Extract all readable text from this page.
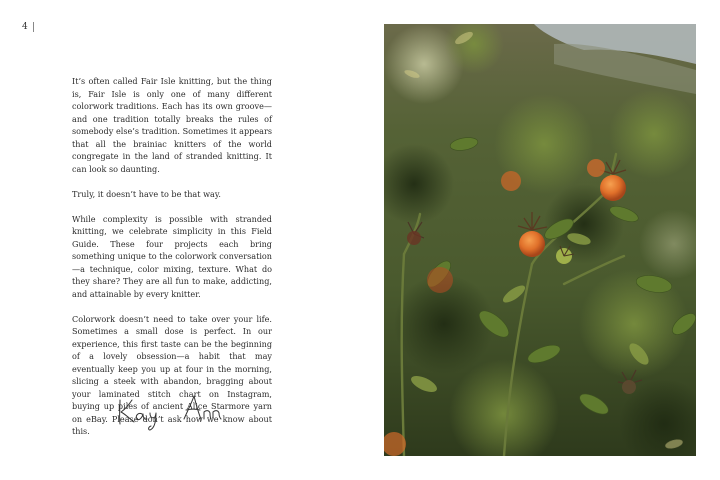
4

It’s often called Fair Isle knitting, but the thing is, Fair Isle is only one of many different colorwork traditions. Each has its own groove—and one tradition totally breaks the rules of somebody else’s tradition. Sometimes it appears that all the brainiac knitters of the world congregate in the land of stranded knitting. It can look so daunting.

Truly, it doesn’t have to be that way.

While complexity is possible with stranded knitting, we celebrate simplicity in this Field Guide. These four projects each bring something unique to the colorwork conversation—a technique, color mixing, texture. What do they share? They are all fun to make, addicting, and attainable by every knitter.

Colorwork doesn’t need to take over your life. Sometimes a small dose is perfect. In our experience, this first taste can be the beginning of a lovely obsession—a habit that may eventually keep you up at four in the morning, slicing a steek with abandon, bragging about your laminated stitch chart on Instagram, buying up piles of ancient Alice Starmore yarn on eBay. Please don’t ask how we know about this.
